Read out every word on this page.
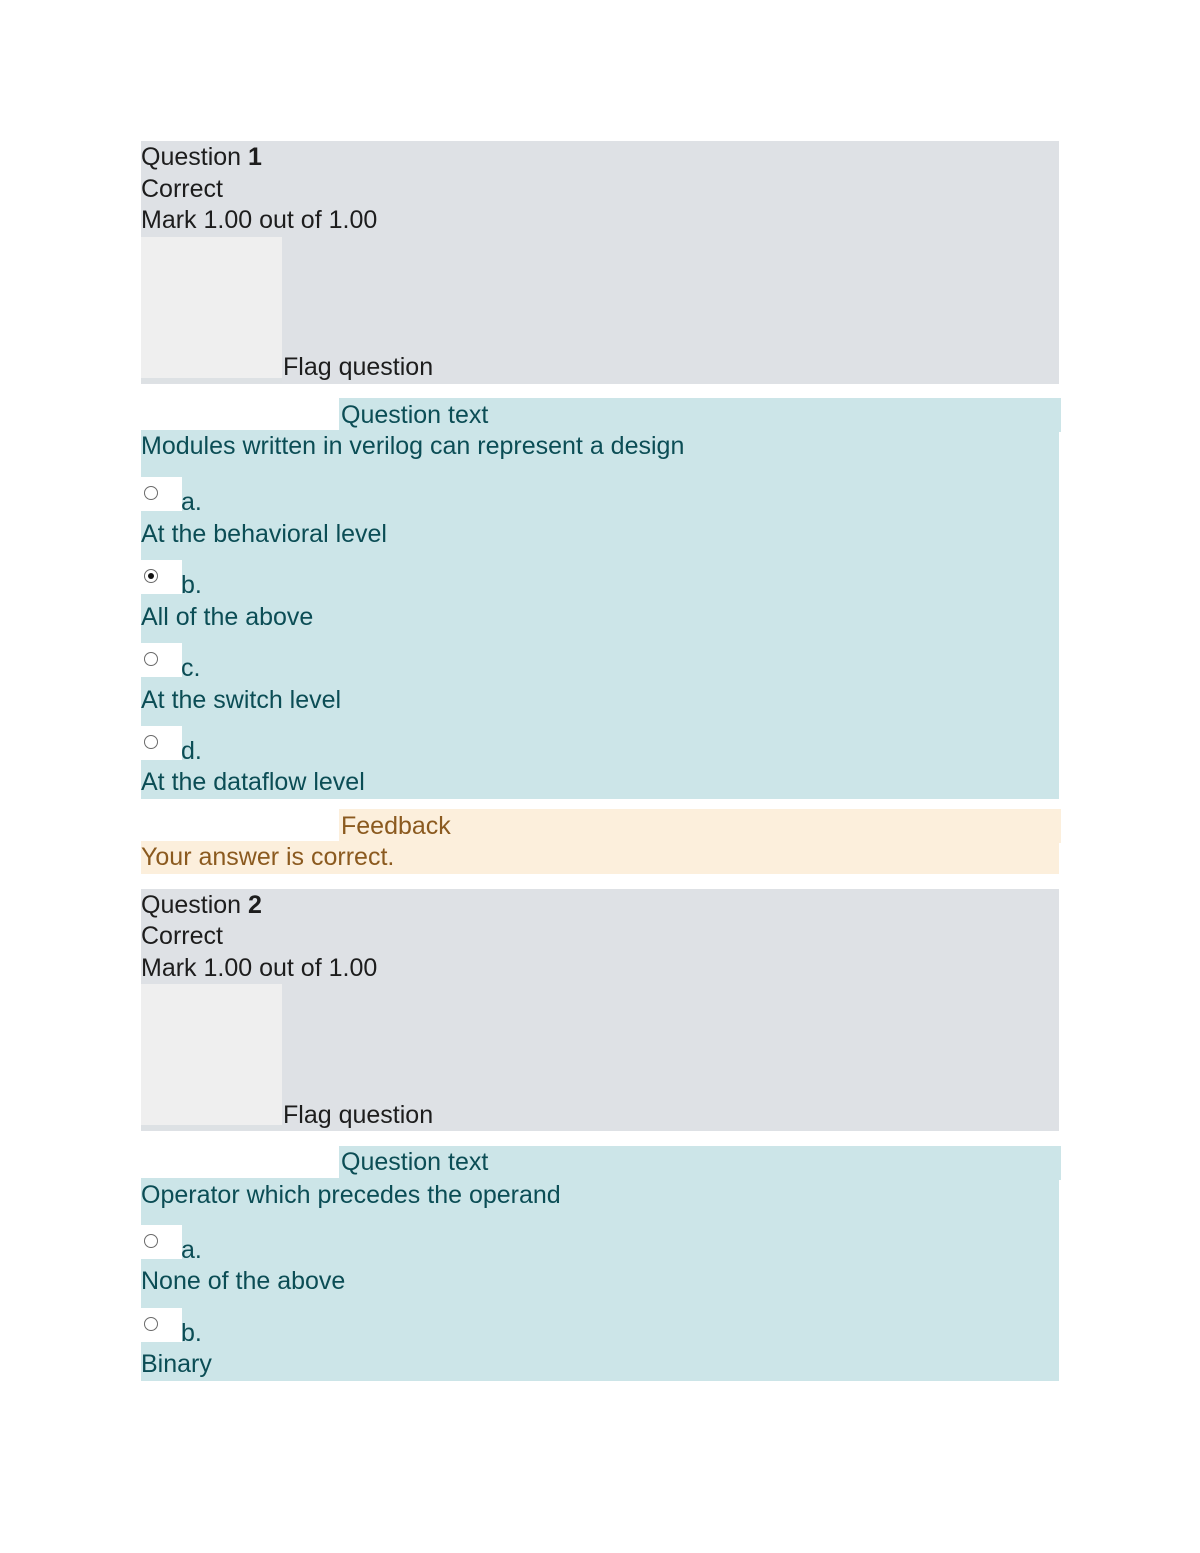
Question 1
Correct
Mark 1.00 out of 1.00
Flag question
Question text
Modules written in verilog can represent a design
a.
At the behavioral level
b.
All of the above
c.
At the switch level
d.
At the dataflow level
Feedback
Your answer is correct.
Question 2
Correct
Mark 1.00 out of 1.00
Flag question
Question text
Operator which precedes the operand
a.
None of the above
b.
Binary
